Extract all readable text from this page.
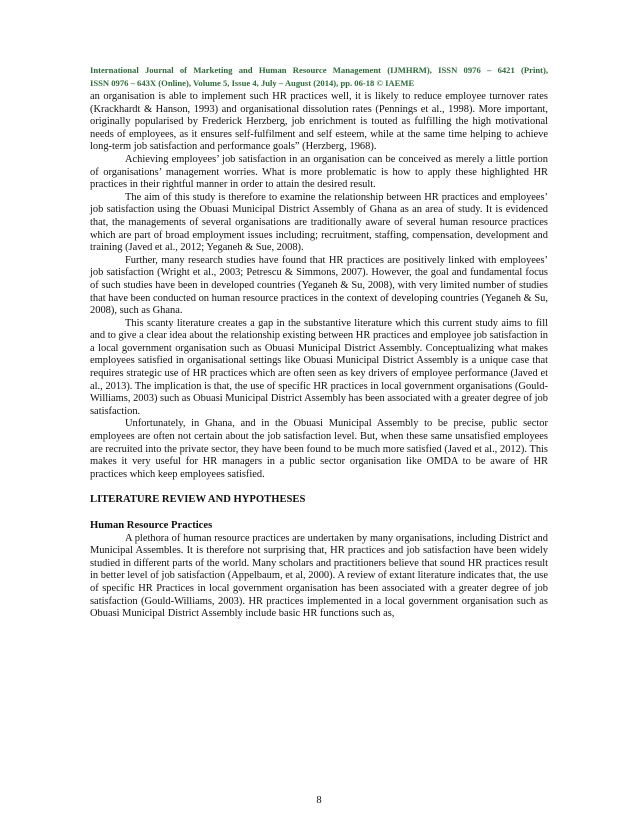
International Journal of Marketing and Human Resource Management (IJMHRM), ISSN 0976 – 6421 (Print),
ISSN 0976 – 643X (Online), Volume 5, Issue 4, July – August (2014), pp. 06-18 © IAEME

an organisation is able to implement such HR practices well, it is likely to reduce employee turnover rates (Krackhardt & Hanson, 1993) and organisational dissolution rates (Pennings et al., 1998). More important, originally popularised by Frederick Herzberg, job enrichment is touted as fulfilling the high motivational needs of employees, as it ensures self-fulfilment and self esteem, while at the same time helping to achieve long-term job satisfaction and performance goals” (Herzberg, 1968).

Achieving employees’ job satisfaction in an organisation can be conceived as merely a little portion of organisations’ management worries. What is more problematic is how to apply these highlighted HR practices in their rightful manner in order to attain the desired result.

The aim of this study is therefore to examine the relationship between HR practices and employees’ job satisfaction using the Obuasi Municipal District Assembly of Ghana as an area of study. It is evidenced that, the managements of several organisations are traditionally aware of several human resource practices which are part of broad employment issues including; recruitment, staffing, compensation, development and training (Javed et al., 2012; Yeganeh & Sue, 2008).

Further, many research studies have found that HR practices are positively linked with employees’ job satisfaction (Wright et al., 2003; Petrescu & Simmons, 2007). However, the goal and fundamental focus of such studies have been in developed countries (Yeganeh & Su, 2008), with very limited number of studies that have been conducted on human resource practices in the context of developing countries (Yeganeh & Su, 2008), such as Ghana.

This scanty literature creates a gap in the substantive literature which this current study aims to fill and to give a clear idea about the relationship existing between HR practices and employee job satisfaction in a local government organisation such as Obuasi Municipal District Assembly. Conceptualizing what makes employees satisfied in organisational settings like Obuasi Municipal District Assembly is a unique case that requires strategic use of HR practices which are often seen as key drivers of employee performance (Javed et al., 2013). The implication is that, the use of specific HR practices in local government organisations (Gould-Williams, 2003) such as Obuasi Municipal District Assembly has been associated with a greater degree of job satisfaction.

Unfortunately, in Ghana, and in the Obuasi Municipal Assembly to be precise, public sector employees are often not certain about the job satisfaction level. But, when these same unsatisfied employees are recruited into the private sector, they have been found to be much more satisfied (Javed et al., 2012). This makes it very useful for HR managers in a public sector organisation like OMDA to be aware of HR practices which keep employees satisfied.

LITERATURE REVIEW AND HYPOTHESES
Human Resource Practices

A plethora of human resource practices are undertaken by many organisations, including District and Municipal Assembles. It is therefore not surprising that, HR practices and job satisfaction have been widely studied in different parts of the world. Many scholars and practitioners believe that sound HR practices result in better level of job satisfaction (Appelbaum, et al, 2000). A review of extant literature indicates that, the use of specific HR Practices in local government organisation has been associated with a greater degree of job satisfaction (Gould-Williams, 2003). HR practices implemented in a local government organisation such as Obuasi Municipal District Assembly include basic HR functions such as,

8
